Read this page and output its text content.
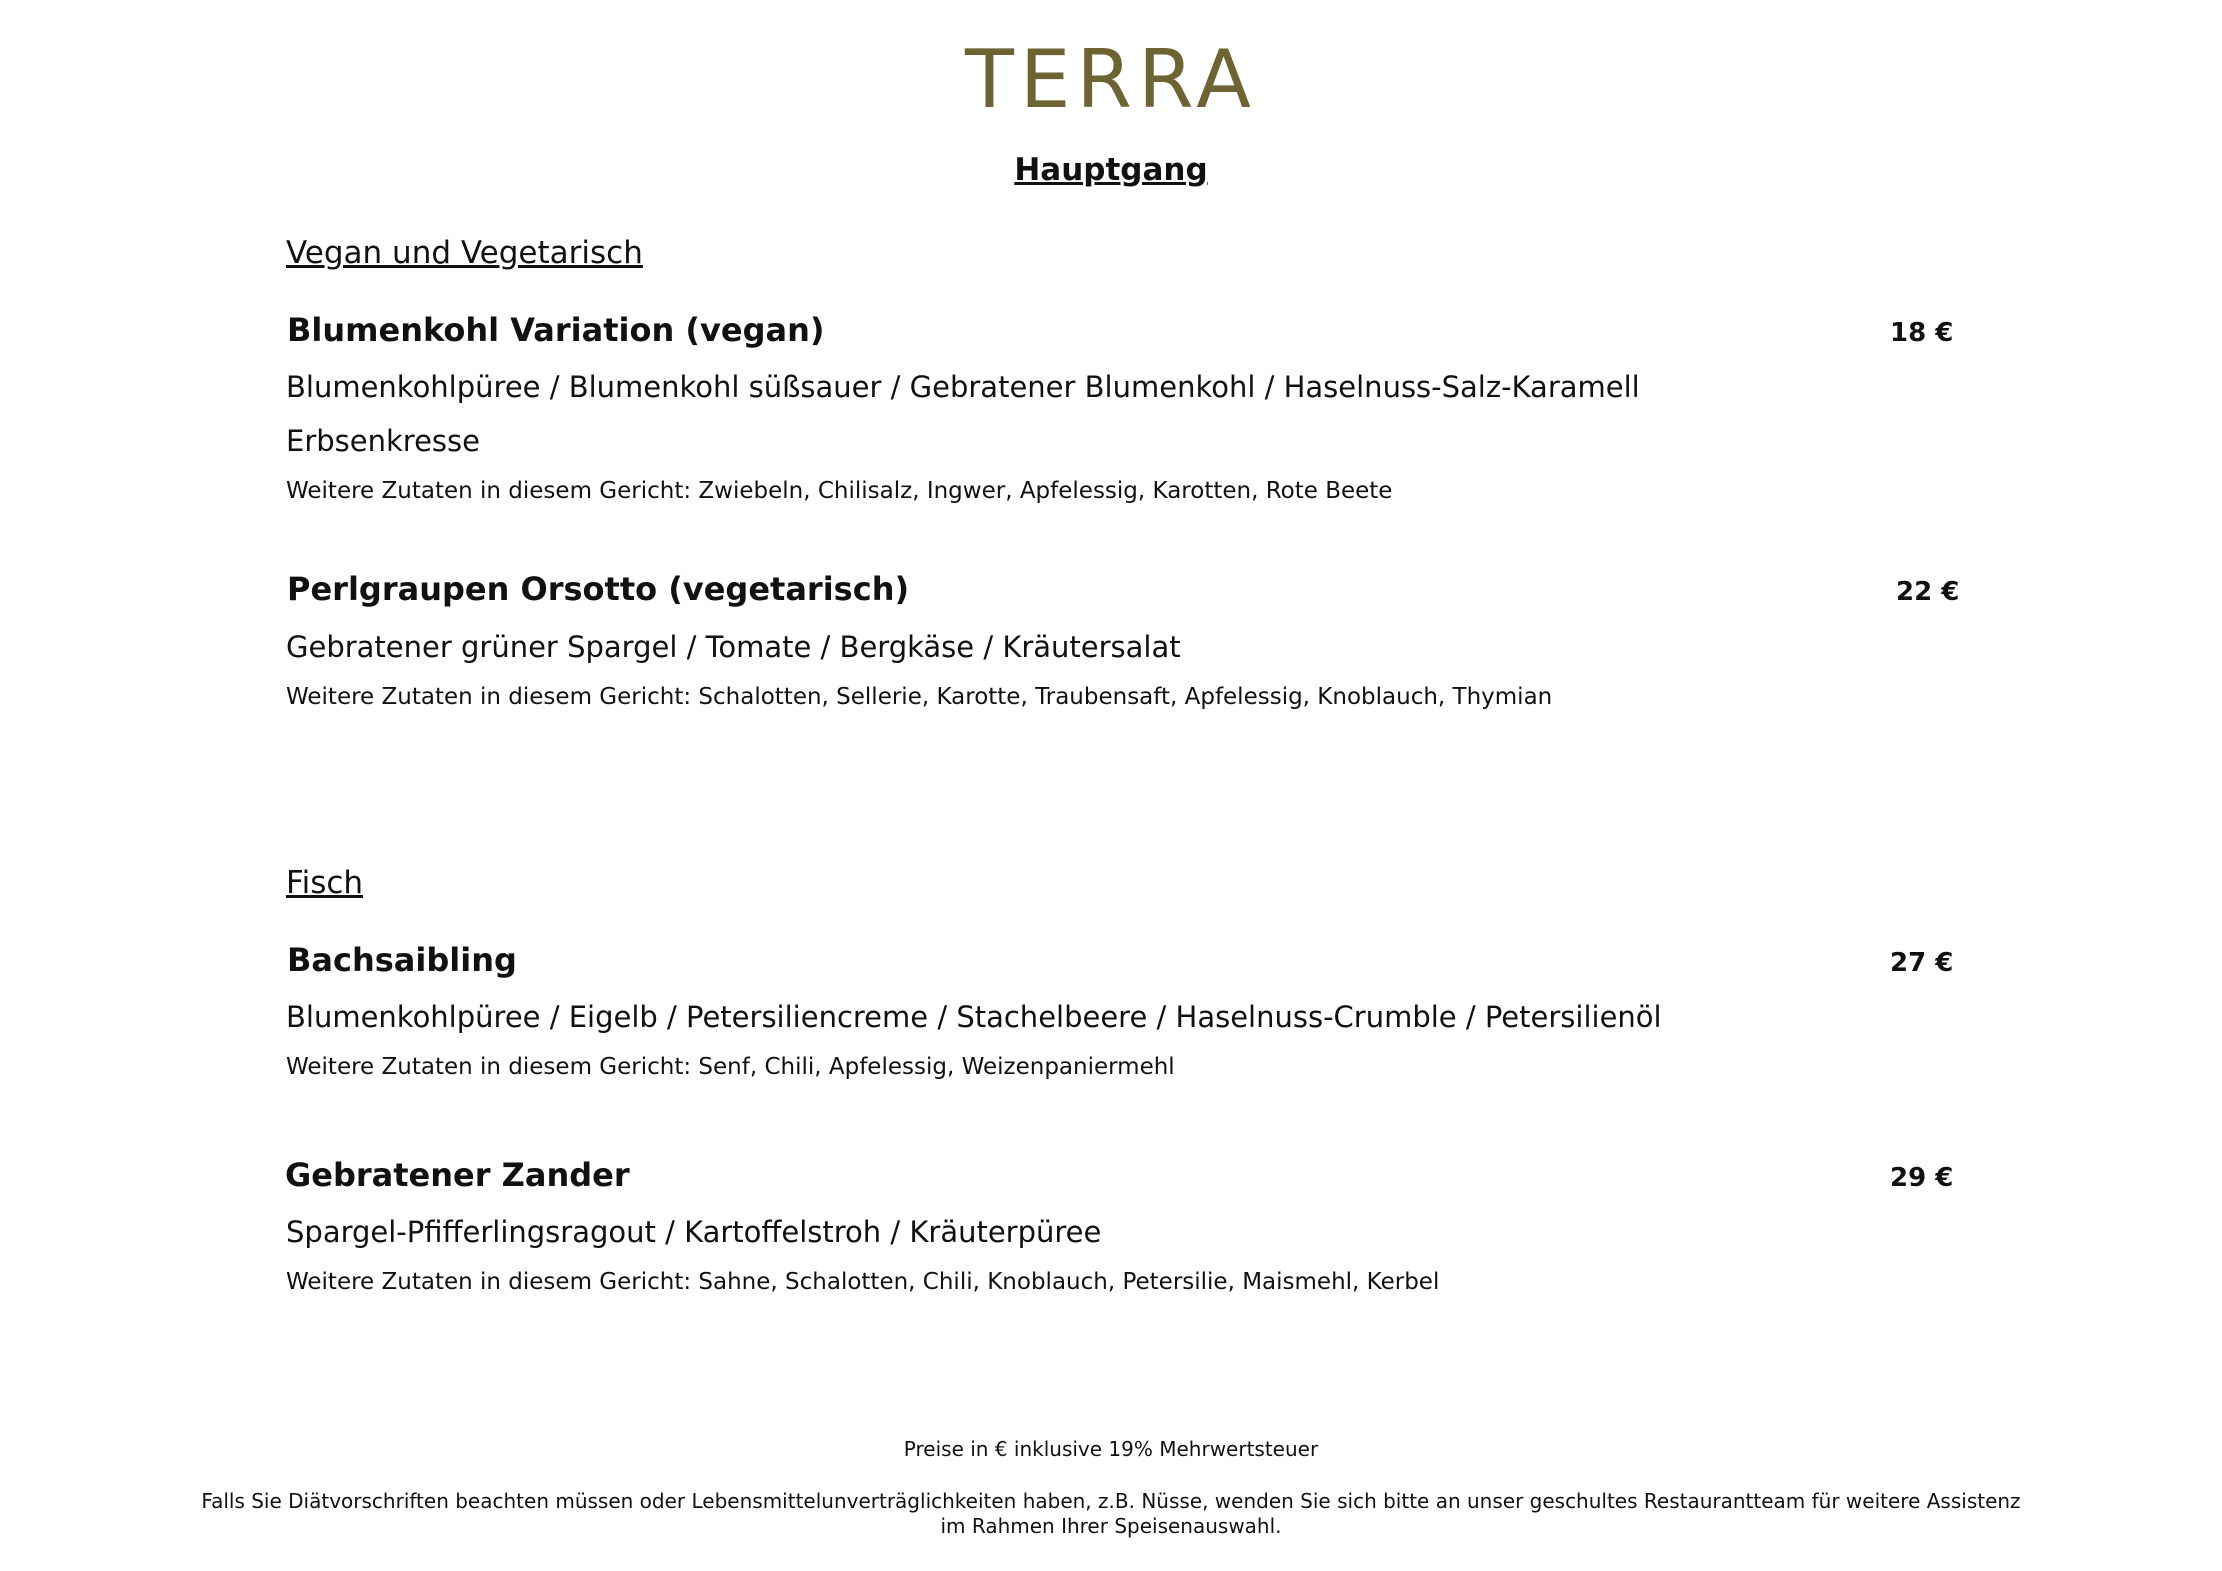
TERRA
Hauptgang
Vegan und Vegetarisch
Blumenkohl Variation (vegan)	18 €
Blumenkohlpüree / Blumenkohl süßsauer / Gebratener Blumenkohl / Haselnuss-Salz-Karamell
Erbsenkresse
Weitere Zutaten in diesem Gericht: Zwiebeln, Chilisalz, Ingwer, Apfelessig, Karotten, Rote Beete
Perlgraupen Orsotto (vegetarisch)	22 €
Gebratener grüner Spargel / Tomate / Bergkäse / Kräutersalat
Weitere Zutaten in diesem Gericht: Schalotten, Sellerie, Karotte, Traubensaft, Apfelessig, Knoblauch, Thymian
Fisch
Bachsaibling	27 €
Blumenkohlpüree / Eigelb / Petersiliencreme / Stachelbeere / Haselnuss-Crumble / Petersilienöl
Weitere Zutaten in diesem Gericht: Senf, Chili, Apfelessig, Weizenpaniermehl
Gebratener Zander	29 €
Spargel-Pfifferlingsragout / Kartoffelstroh / Kräuterpüree
Weitere Zutaten in diesem Gericht: Sahne, Schalotten, Chili, Knoblauch, Petersilie, Maismehl, Kerbel
Preise in € inklusive 19% Mehrwertsteuer
Falls Sie Diätvorschriften beachten müssen oder Lebensmittelunverträglichkeiten haben, z.B. Nüsse, wenden Sie sich bitte an unser geschultes Restaurantteam für weitere Assistenz
im Rahmen Ihrer Speisenauswahl.
